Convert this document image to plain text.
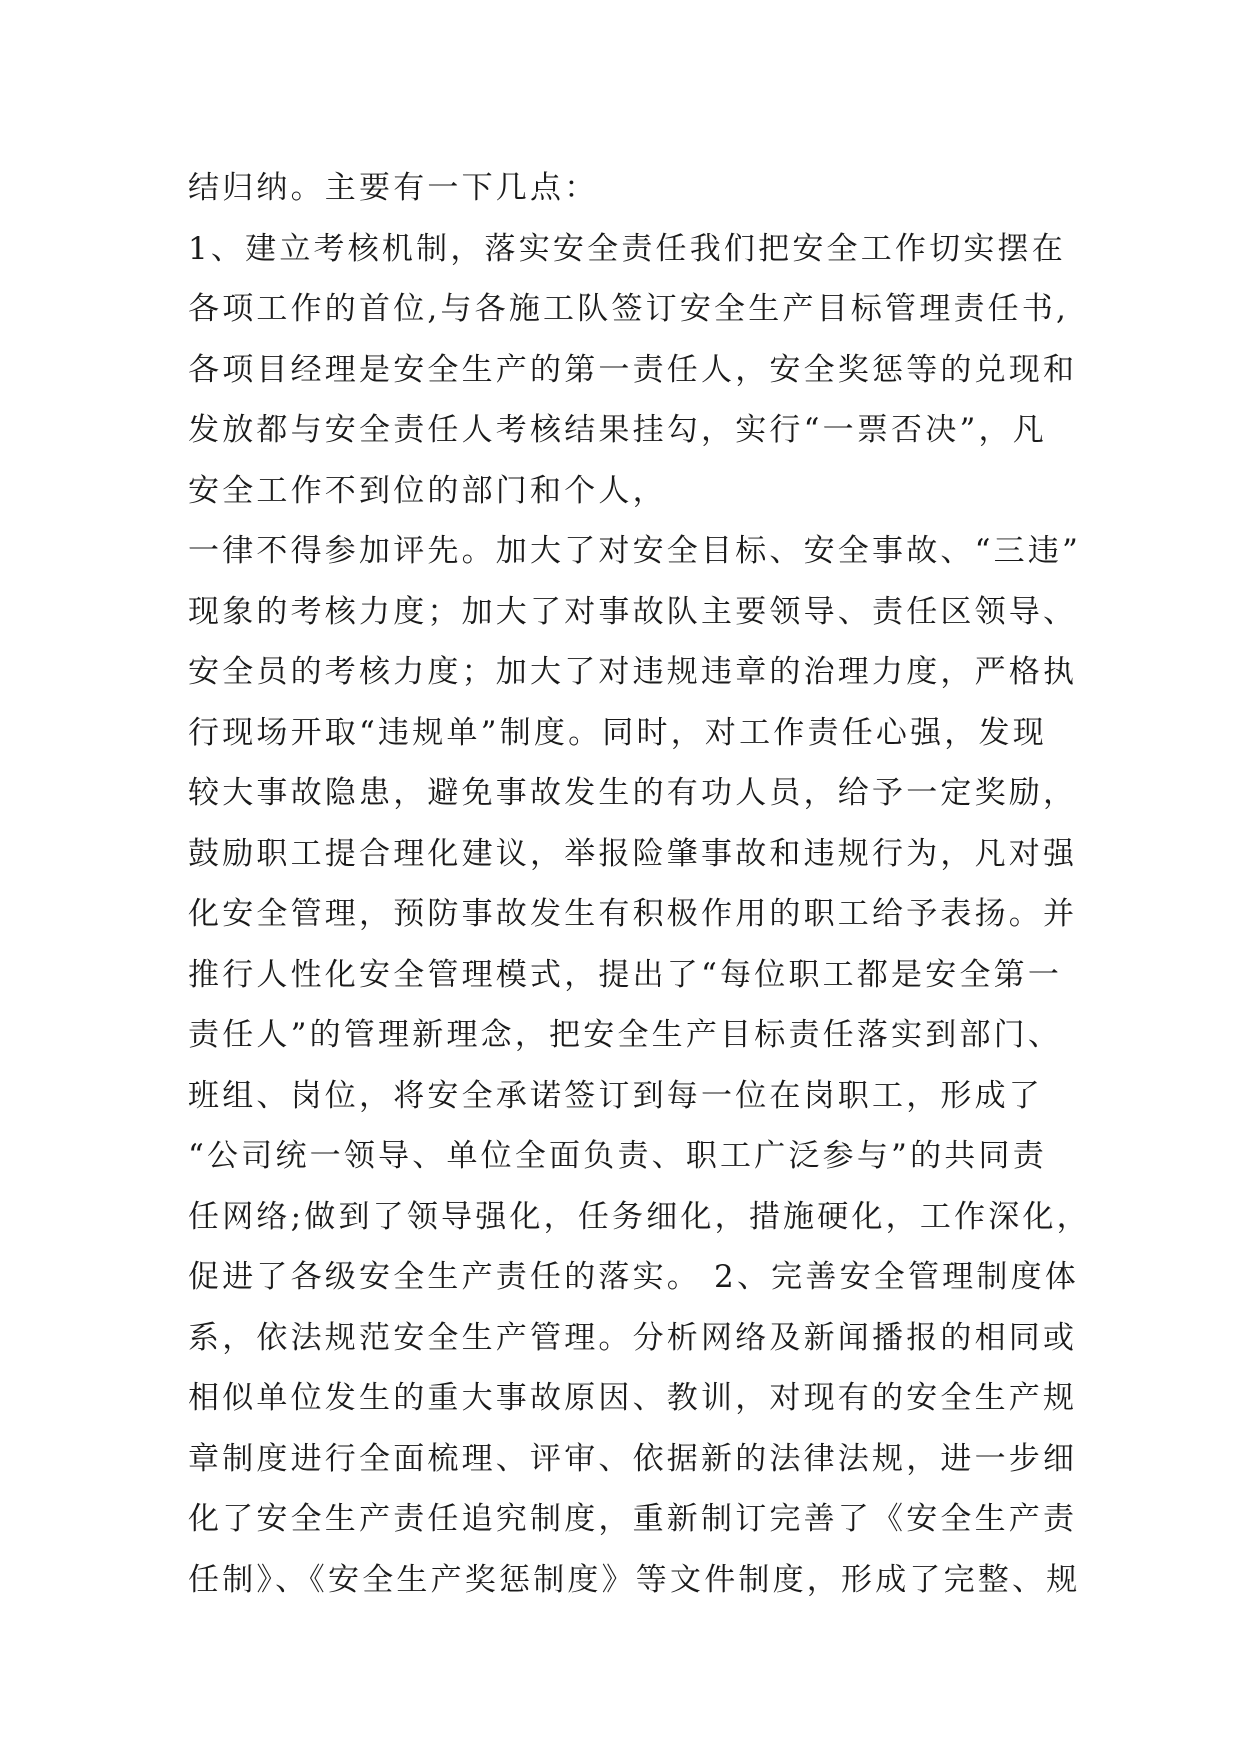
结归纳。主要有一下几点：
1、建立考核机制，落实安全责任我们把安全工作切实摆在
各项工作的首位,与各施工队签订安全生产目标管理责任书,
各项目经理是安全生产的第一责任人，安全奖惩等的兑现和
发放都与安全责任人考核结果挂勾，实行“一票否决”，凡
安全工作不到位的部门和个人，
一律不得参加评先。加大了对安全目标、安全事故、“三违”
现象的考核力度；加大了对事故队主要领导、责任区领导、
安全员的考核力度；加大了对违规违章的治理力度，严格执
行现场开取“违规单”制度。同时，对工作责任心强，发现
较大事故隐患，避免事故发生的有功人员，给予一定奖励，
鼓励职工提合理化建议，举报险肇事故和违规行为，凡对强
化安全管理，预防事故发生有积极作用的职工给予表扬。并
推行人性化安全管理模式，提出了“每位职工都是安全第一
责任人”的管理新理念，把安全生产目标责任落实到部门、
班组、岗位，将安全承诺签订到每一位在岗职工，形成了
“公司统一领导、单位全面负责、职工广泛参与”的共同责
任网络;做到了领导强化，任务细化，措施硬化，工作深化，
促进了各级安全生产责任的落实。 2、完善安全管理制度体
系，依法规范安全生产管理。分析网络及新闻播报的相同或
相似单位发生的重大事故原因、教训，对现有的安全生产规
章制度进行全面梳理、评审、依据新的法律法规，进一步细
化了安全生产责任追究制度，重新制订完善了《安全生产责
任制》、《安全生产奖惩制度》等文件制度，形成了完整、规
